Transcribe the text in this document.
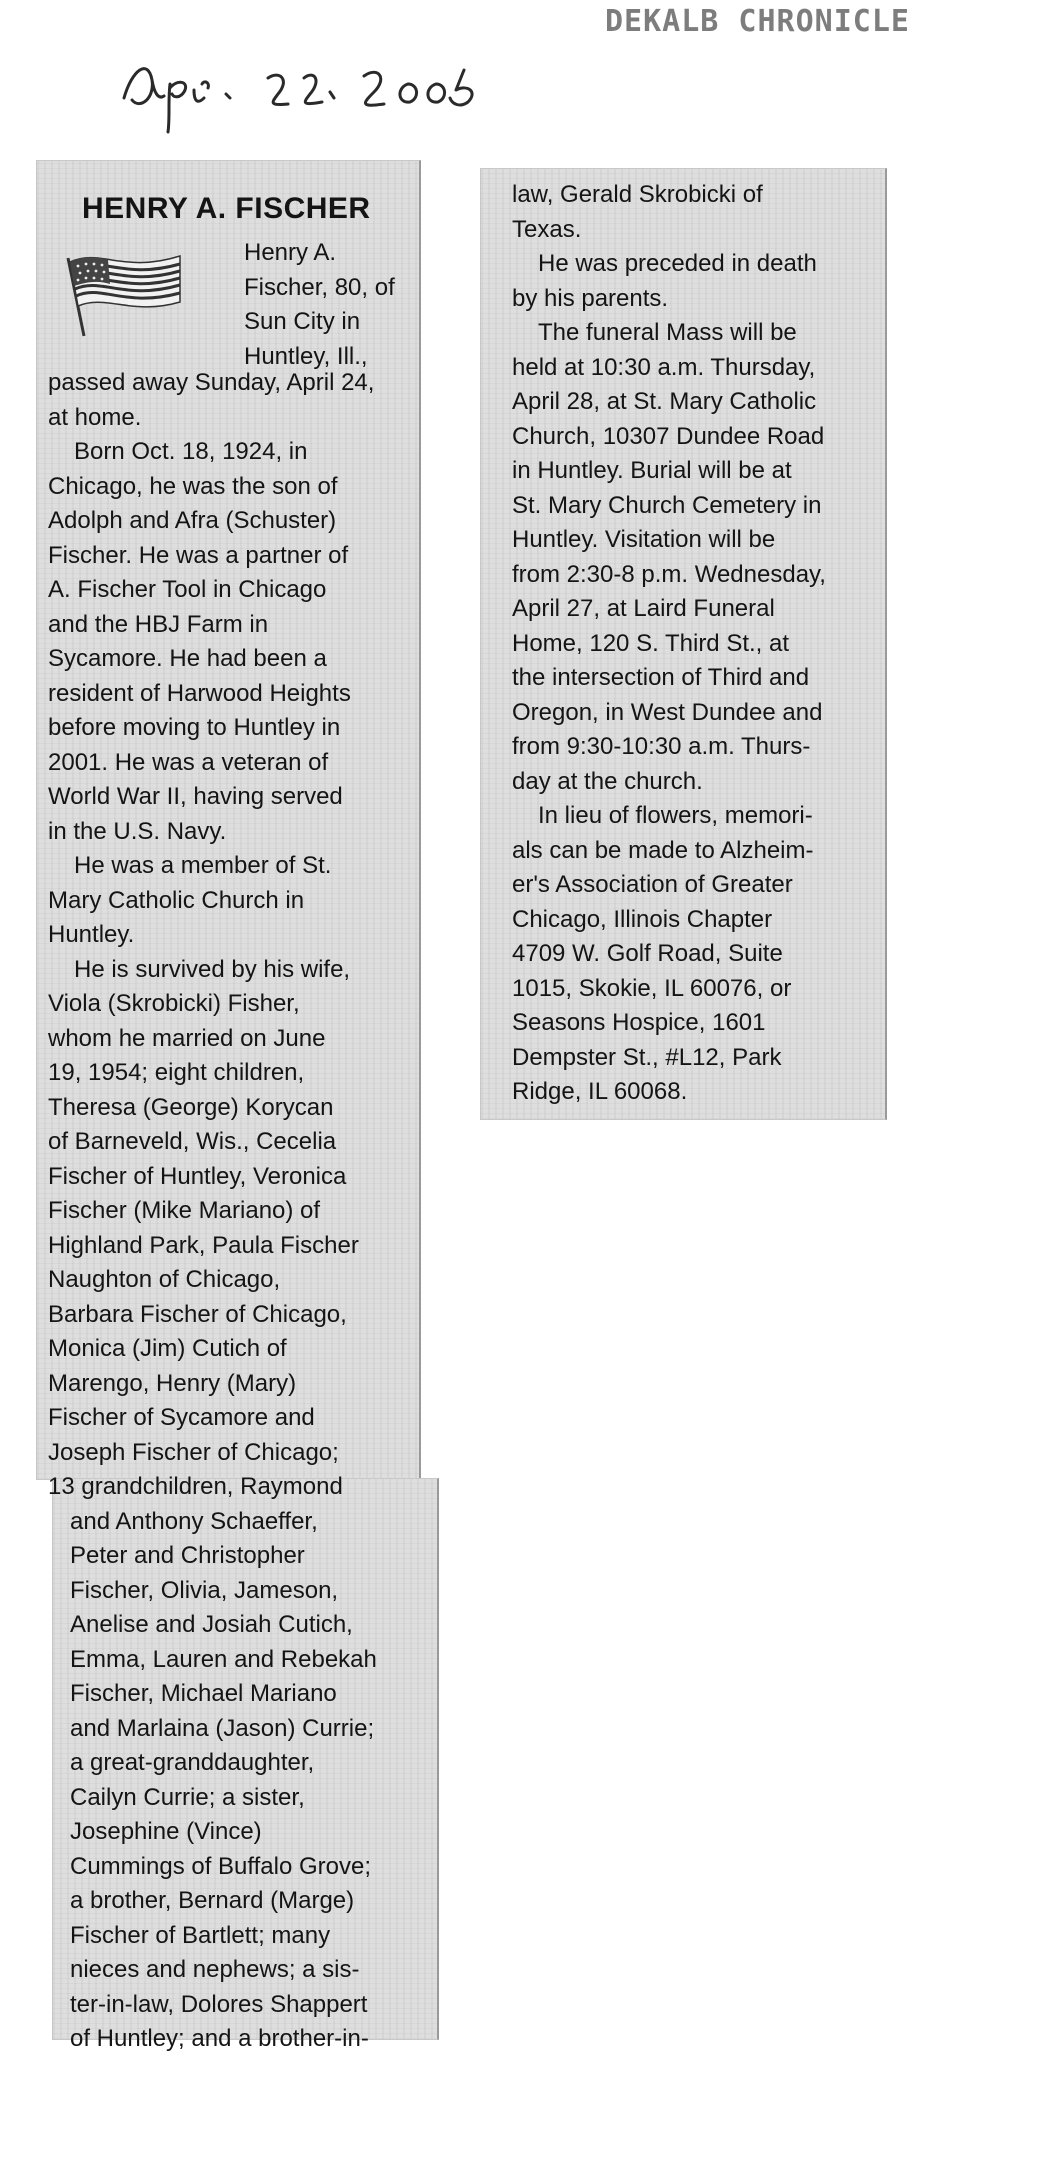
DEKALB CHRONICLE
HENRY A. FISCHER

Henry A.

Fischer, 80, of

Sun City in

Huntley, Ill.,

passed away Sunday, April 24,

at home.

Born Oct. 18, 1924, in

Chicago, he was the son of

Adolph and Afra (Schuster)

Fischer. He was a partner of

A. Fischer Tool in Chicago

and the HBJ Farm in

Sycamore. He had been a

resident of Harwood Heights

before moving to Huntley in

2001. He was a veteran of

World War II, having served

in the U.S. Navy.

He was a member of St.

Mary Catholic Church in

Huntley.

He is survived by his wife,

Viola (Skrobicki) Fisher,

whom he married on June

19, 1954; eight children,

Theresa (George) Korycan

of Barneveld, Wis., Cecelia

Fischer of Huntley, Veronica

Fischer (Mike Mariano) of

Highland Park, Paula Fischer

Naughton of Chicago,

Barbara Fischer of Chicago,

Monica (Jim) Cutich of

Marengo, Henry (Mary)

Fischer of Sycamore and

Joseph Fischer of Chicago;

13 grandchildren, Raymond

and Anthony Schaeffer,

Peter and Christopher

Fischer, Olivia, Jameson,

Anelise and Josiah Cutich,

Emma, Lauren and Rebekah

Fischer, Michael Mariano

and Marlaina (Jason) Currie;

a great-granddaughter,

Cailyn Currie; a sister,

Josephine (Vince)

Cummings of Buffalo Grove;

a brother, Bernard (Marge)

Fischer of Bartlett; many

nieces and nephews; a sis-

ter-in-law, Dolores Shappert

of Huntley; and a brother-in-

law, Gerald Skrobicki of

Texas.

He was preceded in death

by his parents.

The funeral Mass will be

held at 10:30 a.m. Thursday,

April 28, at St. Mary Catholic

Church, 10307 Dundee Road

in Huntley. Burial will be at

St. Mary Church Cemetery in

Huntley. Visitation will be

from 2:30-8 p.m. Wednesday,

April 27, at Laird Funeral

Home, 120 S. Third St., at

the intersection of Third and

Oregon, in West Dundee and

from 9:30-10:30 a.m. Thurs-

day at the church.

In lieu of flowers, memori-

als can be made to Alzheim-

er's Association of Greater

Chicago, Illinois Chapter

4709 W. Golf Road, Suite

1015, Skokie, IL 60076, or

Seasons Hospice, 1601

Dempster St., #L12, Park

Ridge, IL 60068.
